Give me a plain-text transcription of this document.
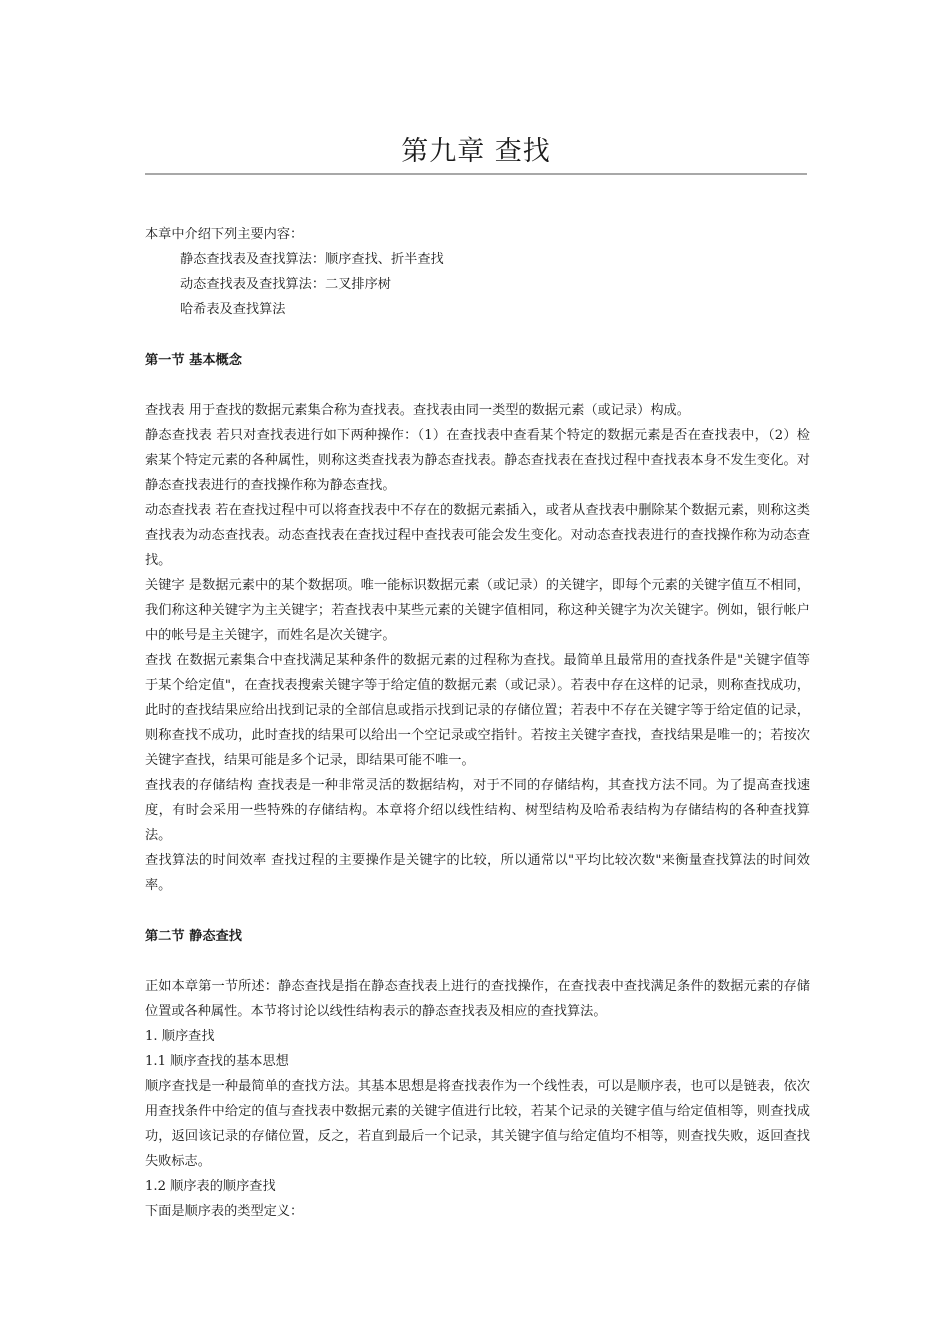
第九章 查找

本章中介绍下列主要内容：

静态查找表及查找算法：顺序查找、折半查找

动态查找表及查找算法：二叉排序树

哈希表及查找算法

第一节 基本概念

查找表 用于查找的数据元素集合称为查找表。查找表由同一类型的数据元素（或记录）构成。

静态查找表 若只对查找表进行如下两种操作：（1）在查找表中查看某个特定的数据元素是否在查找表中，（2）检索某个特定元素的各种属性，则称这类查找表为静态查找表。静态查找表在查找过程中查找表本身不发生变化。对静态查找表进行的查找操作称为静态查找。

动态查找表 若在查找过程中可以将查找表中不存在的数据元素插入，或者从查找表中删除某个数据元素，则称这类查找表为动态查找表。动态查找表在查找过程中查找表可能会发生变化。对动态查找表进行的查找操作称为动态查找。

关键字 是数据元素中的某个数据项。唯一能标识数据元素（或记录）的关键字，即每个元素的关键字值互不相同，我们称这种关键字为主关键字；若查找表中某些元素的关键字值相同，称这种关键字为次关键字。例如，银行帐户中的帐号是主关键字，而姓名是次关键字。

查找 在数据元素集合中查找满足某种条件的数据元素的过程称为查找。最简单且最常用的查找条件是"关键字值等于某个给定值"，在查找表搜索关键字等于给定值的数据元素（或记录）。若表中存在这样的记录，则称查找成功，此时的查找结果应给出找到记录的全部信息或指示找到记录的存储位置；若表中不存在关键字等于给定值的记录，则称查找不成功，此时查找的结果可以给出一个空记录或空指针。若按主关键字查找，查找结果是唯一的；若按次关键字查找，结果可能是多个记录，即结果可能不唯一。

查找表的存储结构 查找表是一种非常灵活的数据结构，对于不同的存储结构，其查找方法不同。为了提高查找速度，有时会采用一些特殊的存储结构。本章将介绍以线性结构、树型结构及哈希表结构为存储结构的各种查找算法。

查找算法的时间效率 查找过程的主要操作是关键字的比较，所以通常以"平均比较次数"来衡量查找算法的时间效率。

第二节 静态查找

正如本章第一节所述：静态查找是指在静态查找表上进行的查找操作，在查找表中查找满足条件的数据元素的存储位置或各种属性。本节将讨论以线性结构表示的静态查找表及相应的查找算法。

1. 顺序查找

1.1 顺序查找的基本思想

顺序查找是一种最简单的查找方法。其基本思想是将查找表作为一个线性表，可以是顺序表，也可以是链表，依次用查找条件中给定的值与查找表中数据元素的关键字值进行比较，若某个记录的关键字值与给定值相等，则查找成功，返回该记录的存储位置，反之，若直到最后一个记录，其关键字值与给定值均不相等，则查找失败，返回查找失败标志。

1.2 顺序表的顺序查找

下面是顺序表的类型定义：
